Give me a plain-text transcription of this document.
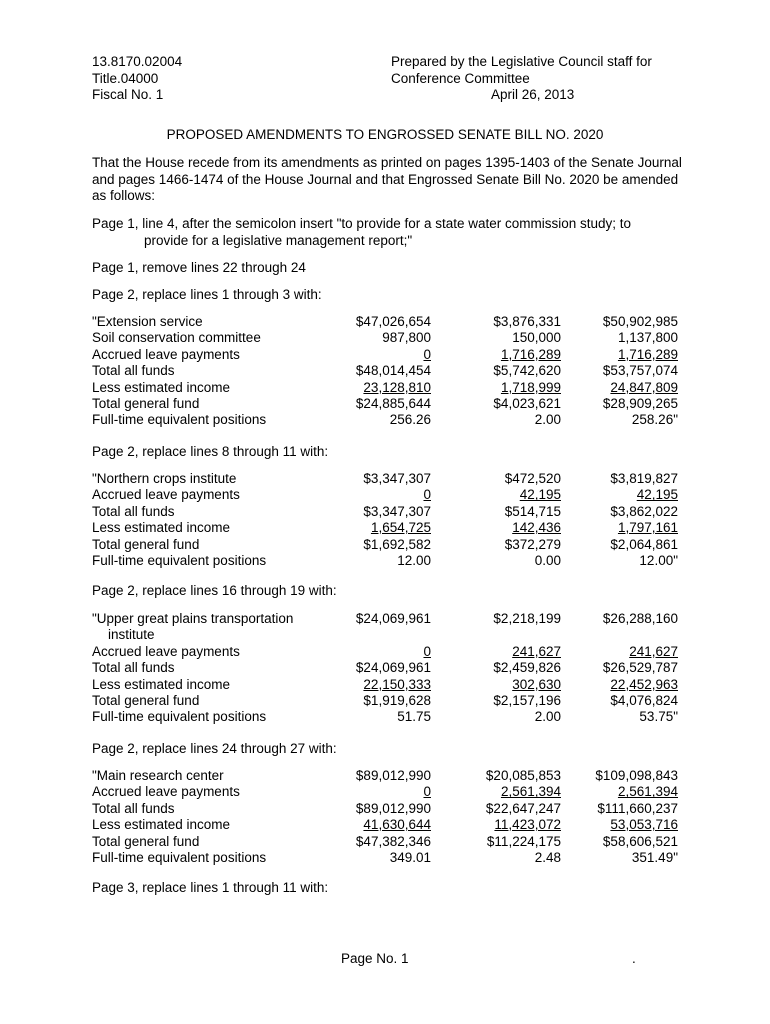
13.8170.02004
Title.04000
Fiscal No. 1
Prepared by the Legislative Council staff for
Conference Committee
April 26, 2013
PROPOSED AMENDMENTS TO ENGROSSED SENATE BILL NO. 2020
That the House recede from its amendments as printed on pages 1395-1403 of the Senate Journal and pages 1466-1474 of the House Journal and that Engrossed Senate Bill No. 2020 be amended as follows:
Page 1, line 4, after the semicolon insert "to provide for a state water commission study; to
provide for a legislative management report;"
Page 1, remove lines 22 through 24
Page 2, replace lines 1 through 3 with:
"Extension service	$47,026,654	$3,876,331	$50,902,985
Soil conservation committee	987,800	150,000	1,137,800
Accrued leave payments	0	1,716,289	1,716,289
Total all funds	$48,014,454	$5,742,620	$53,757,074
Less estimated income	23,128,810	1,718,999	24,847,809
Total general fund	$24,885,644	$4,023,621	$28,909,265
Full-time equivalent positions	256.26	2.00	258.26"
Page 2, replace lines 8 through 11 with:
"Northern crops institute	$3,347,307	$472,520	$3,819,827
Accrued leave payments	0	42,195	42,195
Total all funds	$3,347,307	$514,715	$3,862,022
Less estimated income	1,654,725	142,436	1,797,161
Total general fund	$1,692,582	$372,279	$2,064,861
Full-time equivalent positions	12.00	0.00	12.00"
Page 2, replace lines 16 through 19 with:
"Upper great plains transportation
institute	$24,069,961	$2,218,199	$26,288,160
Accrued leave payments	0	241,627	241,627
Total all funds	$24,069,961	$2,459,826	$26,529,787
Less estimated income	22,150,333	302,630	22,452,963
Total general fund	$1,919,628	$2,157,196	$4,076,824
Full-time equivalent positions	51.75	2.00	53.75"
Page 2, replace lines 24 through 27 with:
"Main research center	$89,012,990	$20,085,853	$109,098,843
Accrued leave payments	0	2,561,394	2,561,394
Total all funds	$89,012,990	$22,647,247	$111,660,237
Less estimated income	41,630,644	11,423,072	53,053,716
Total general fund	$47,382,346	$11,224,175	$58,606,521
Full-time equivalent positions	349.01	2.48	351.49"
Page 3, replace lines 1 through 11 with:
Page No. 1	.
